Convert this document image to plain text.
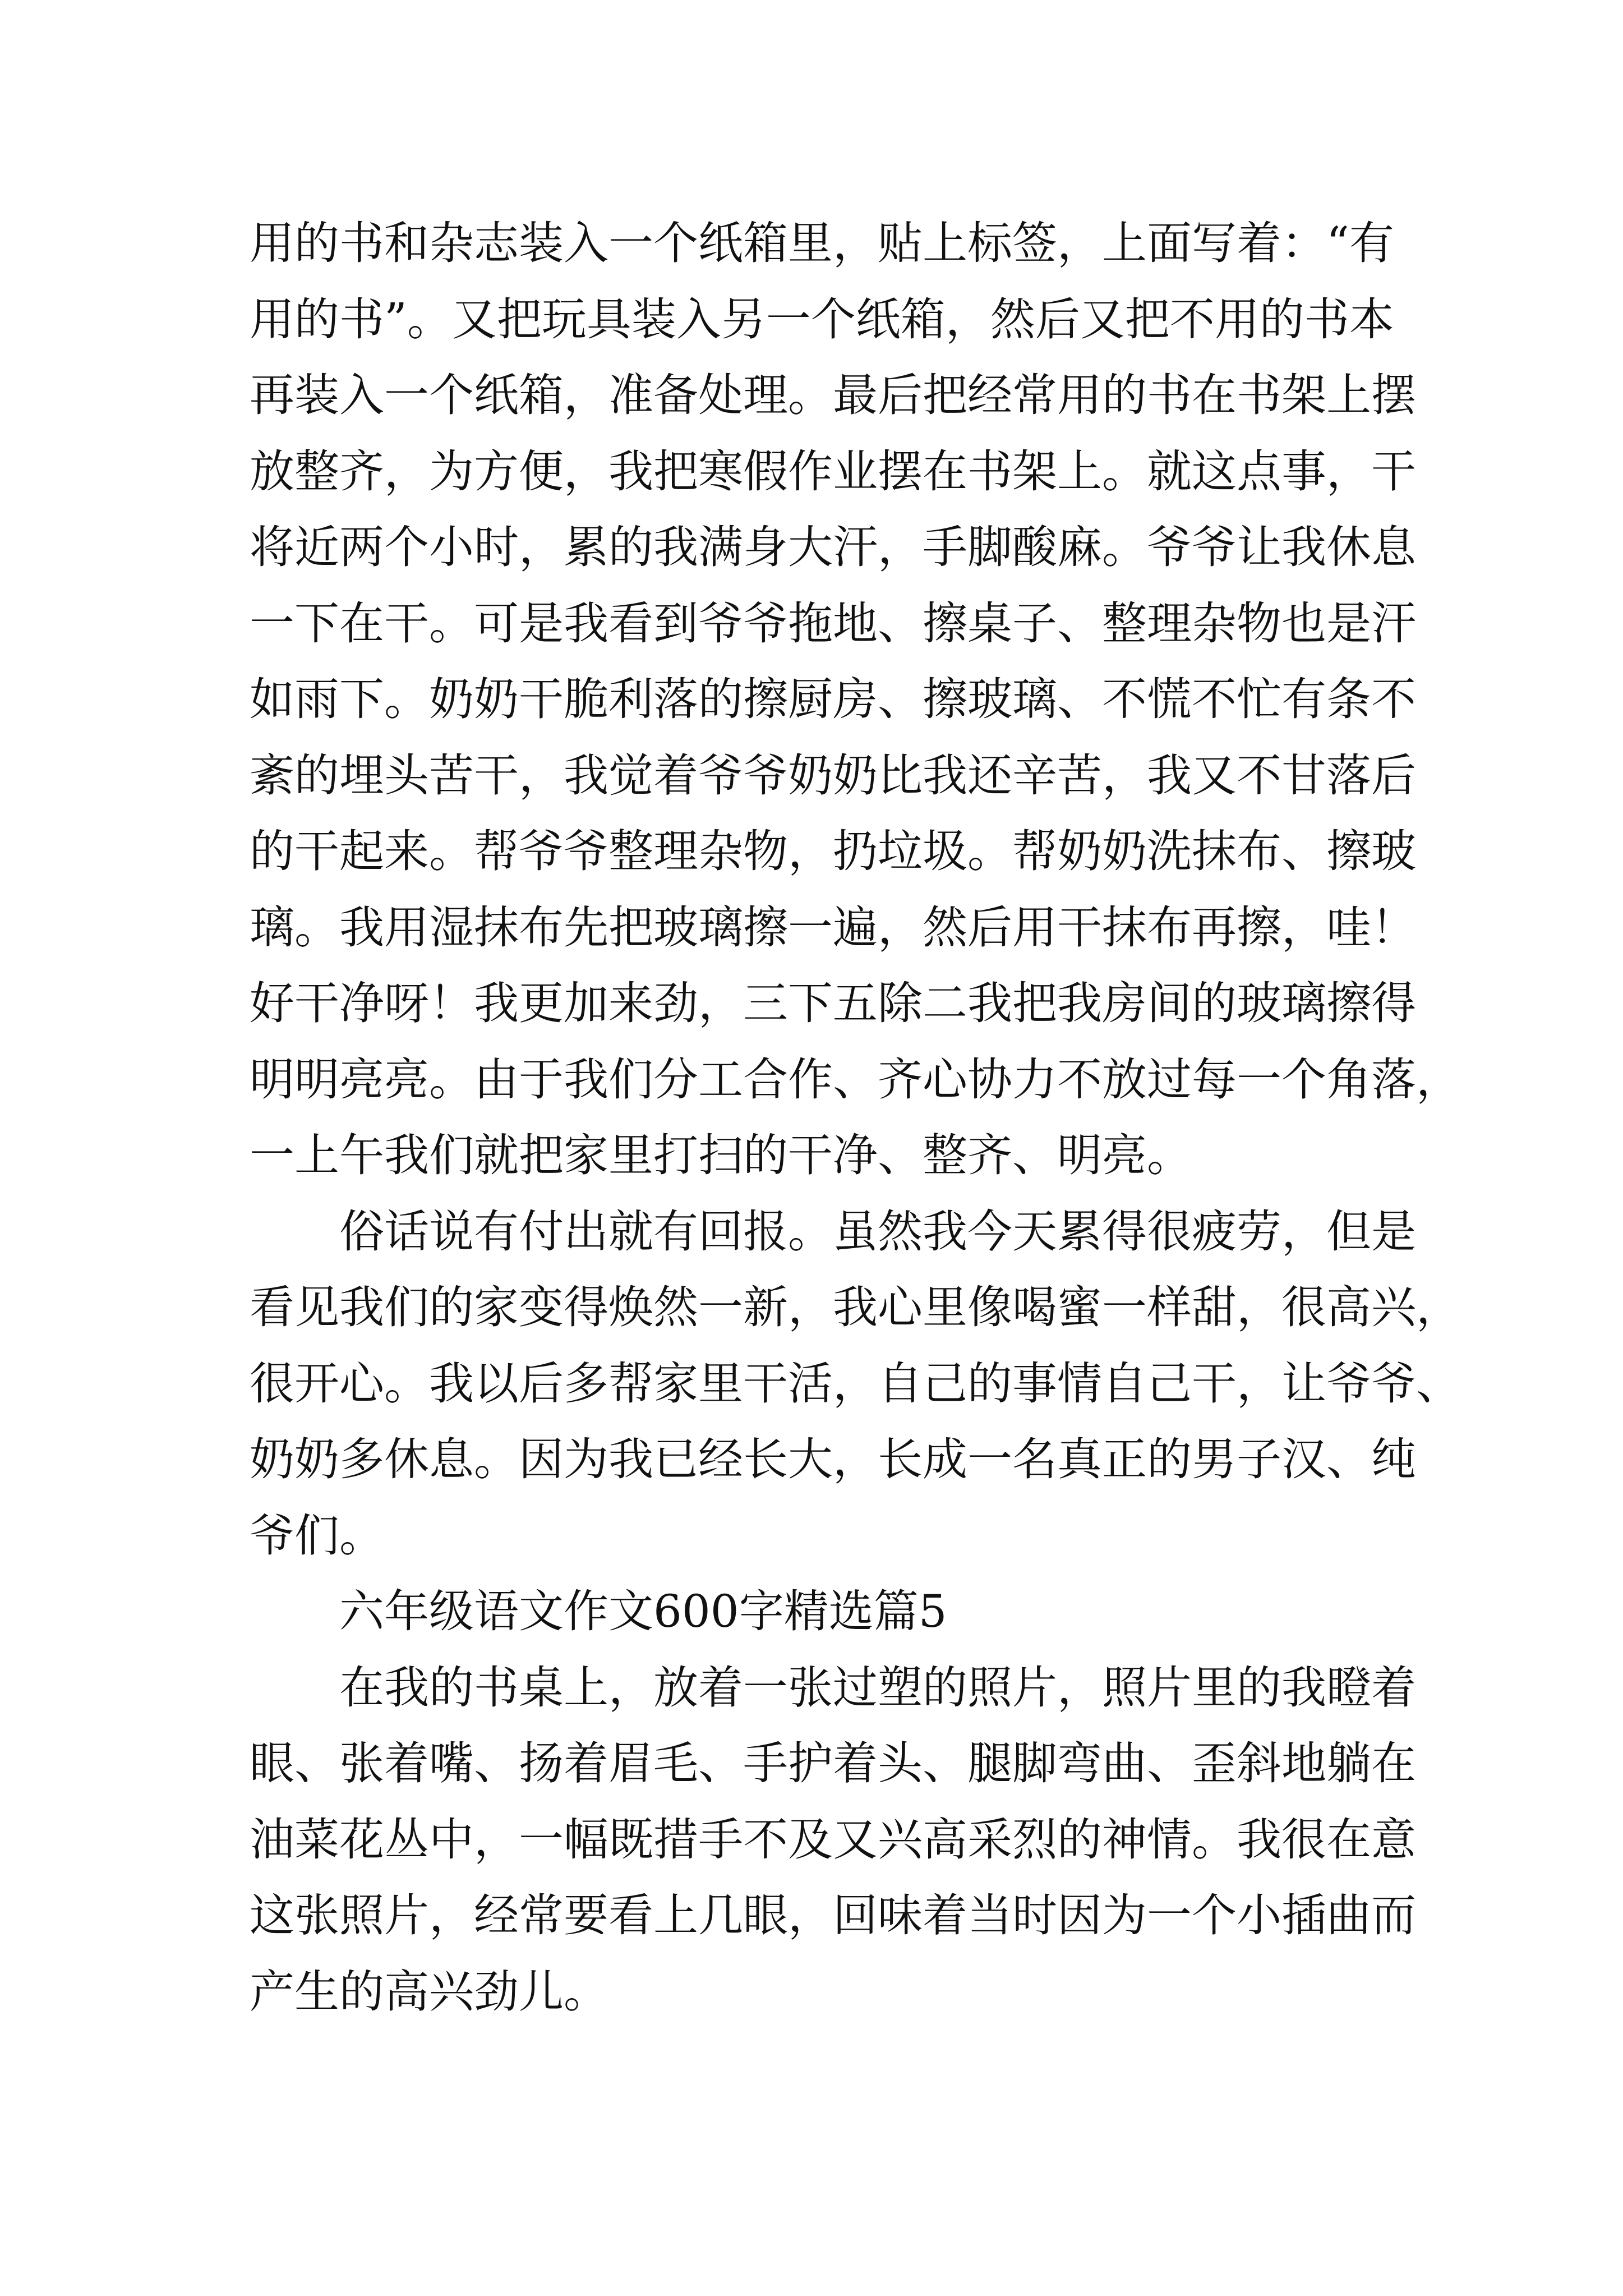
用的书和杂志装入一个纸箱里，贴上标签，上面写着：“有
用的书”。又把玩具装入另一个纸箱，然后又把不用的书本
再装入一个纸箱，准备处理。最后把经常用的书在书架上摆
放整齐，为方便，我把寒假作业摆在书架上。就这点事，干
将近两个小时，累的我满身大汗，手脚酸麻。爷爷让我休息
一下在干。可是我看到爷爷拖地、擦桌子、整理杂物也是汗
如雨下。奶奶干脆利落的擦厨房、擦玻璃、不慌不忙有条不
紊的埋头苦干，我觉着爷爷奶奶比我还辛苦，我又不甘落后
的干起来。帮爷爷整理杂物，扔垃圾。帮奶奶洗抹布、擦玻
璃。我用湿抹布先把玻璃擦一遍，然后用干抹布再擦，哇！
好干净呀！我更加来劲，三下五除二我把我房间的玻璃擦得
明明亮亮。由于我们分工合作、齐心协力不放过每一个角落，
一上午我们就把家里打扫的干净、整齐、明亮。
俗话说有付出就有回报。虽然我今天累得很疲劳，但是
看见我们的家变得焕然一新，我心里像喝蜜一样甜，很高兴，
很开心。我以后多帮家里干活，自己的事情自己干，让爷爷、
奶奶多休息。因为我已经长大，长成一名真正的男子汉、纯
爷们。
六年级语文作文600字精选篇5
在我的书桌上，放着一张过塑的照片，照片里的我瞪着
眼、张着嘴、扬着眉毛、手护着头、腿脚弯曲、歪斜地躺在
油菜花丛中，一幅既措手不及又兴高采烈的神情。我很在意
这张照片，经常要看上几眼，回味着当时因为一个小插曲而
产生的高兴劲儿。
